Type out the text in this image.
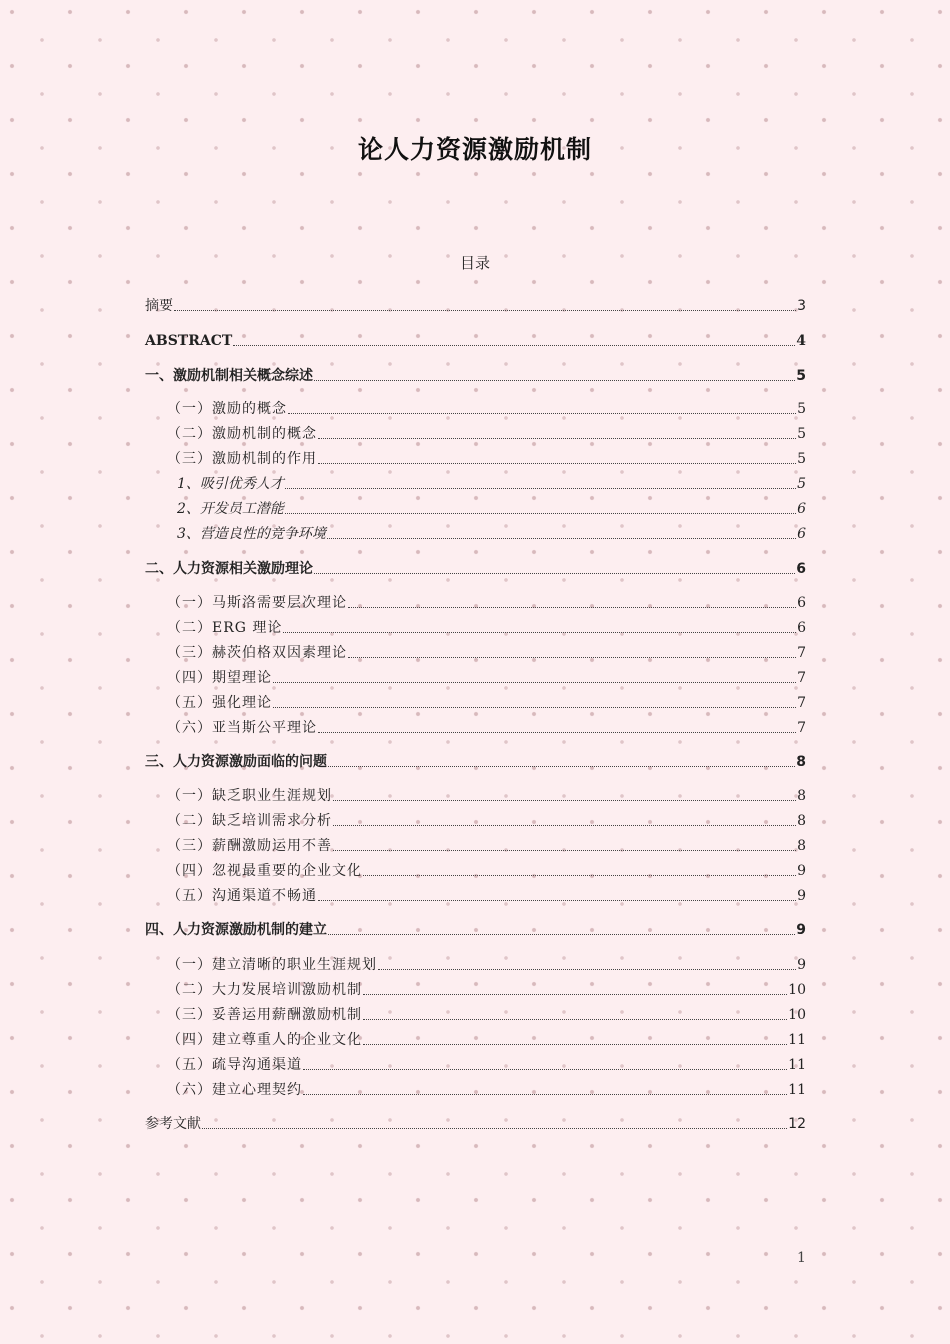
论人力资源激励机制
目录
摘要	3
ABSTRACT	4
一、激励机制相关概念综述	5
（一）激励的概念	5
（二）激励机制的概念	5
（三）激励机制的作用	5
1、吸引优秀人才	5
2、开发员工潜能	6
3、营造良性的竞争环境	6
二、人力资源相关激励理论	6
（一）马斯洛需要层次理论	6
（二）ERG 理论	6
（三）赫茨伯格双因素理论	7
（四）期望理论	7
（五）强化理论	7
（六）亚当斯公平理论	7
三、人力资源激励面临的问题	8
（一）缺乏职业生涯规划	8
（二）缺乏培训需求分析	8
（三）薪酬激励运用不善	8
（四）忽视最重要的企业文化	9
（五）沟通渠道不畅通	9
四、人力资源激励机制的建立	9
（一）建立清晰的职业生涯规划	9
（二）大力发展培训激励机制	10
（三）妥善运用薪酬激励机制	10
（四）建立尊重人的企业文化	11
（五）疏导沟通渠道	11
（六）建立心理契约	11
参考文献	12
1
